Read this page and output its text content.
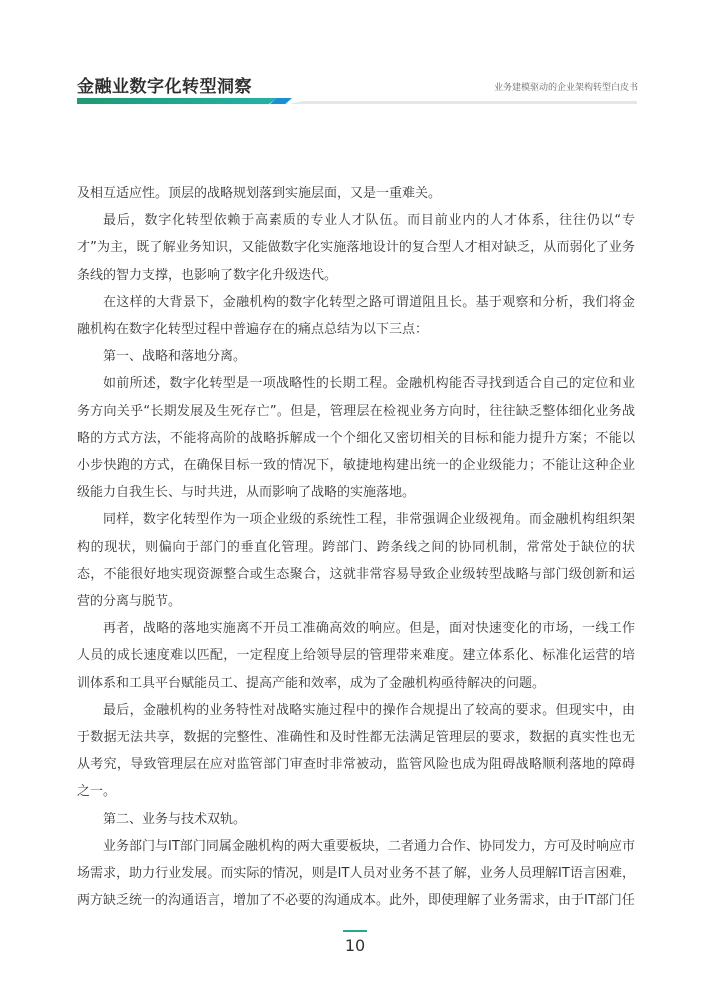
金融业数字化转型洞察	业务建模驱动的企业架构转型白皮书

及相互适应性。顶层的战略规划落到实施层面，又是一重难关。

最后，数字化转型依赖于高素质的专业人才队伍。而目前业内的人才体系，往往仍以“专才”为主，既了解业务知识，又能做数字化实施落地设计的复合型人才相对缺乏，从而弱化了业务条线的智力支撑，也影响了数字化升级迭代。

在这样的大背景下，金融机构的数字化转型之路可谓道阻且长。基于观察和分析，我们将金融机构在数字化转型过程中普遍存在的痛点总结为以下三点：

第一、战略和落地分离。

如前所述，数字化转型是一项战略性的长期工程。金融机构能否寻找到适合自己的定位和业务方向关乎“长期发展及生死存亡”。但是，管理层在检视业务方向时，往往缺乏整体细化业务战略的方式方法，不能将高阶的战略拆解成一个个细化又密切相关的目标和能力提升方案；不能以小步快跑的方式，在确保目标一致的情况下，敏捷地构建出统一的企业级能力；不能让这种企业级能力自我生长、与时共进，从而影响了战略的实施落地。

同样，数字化转型作为一项企业级的系统性工程，非常强调企业级视角。而金融机构组织架构的现状，则偏向于部门的垂直化管理。跨部门、跨条线之间的协同机制，常常处于缺位的状态，不能很好地实现资源整合或生态聚合，这就非常容易导致企业级转型战略与部门级创新和运营的分离与脱节。

再者，战略的落地实施离不开员工准确高效的响应。但是，面对快速变化的市场，一线工作人员的成长速度难以匹配，一定程度上给领导层的管理带来难度。建立体系化、标准化运营的培训体系和工具平台赋能员工、提高产能和效率，成为了金融机构亟待解决的问题。

最后，金融机构的业务特性对战略实施过程中的操作合规提出了较高的要求。但现实中，由于数据无法共享，数据的完整性、准确性和及时性都无法满足管理层的要求，数据的真实性也无从考究，导致管理层在应对监管部门审查时非常被动，监管风险也成为阻碍战略顺利落地的障碍之一。

第二、业务与技术双轨。

业务部门与IT部门同属金融机构的两大重要板块，二者通力合作、协同发力，方可及时响应市场需求，助力行业发展。而实际的情况，则是IT人员对业务不甚了解，业务人员理解IT语言困难，两方缺乏统一的沟通语言，增加了不必要的沟通成本。此外，即使理解了业务需求，由于IT部门任

10
